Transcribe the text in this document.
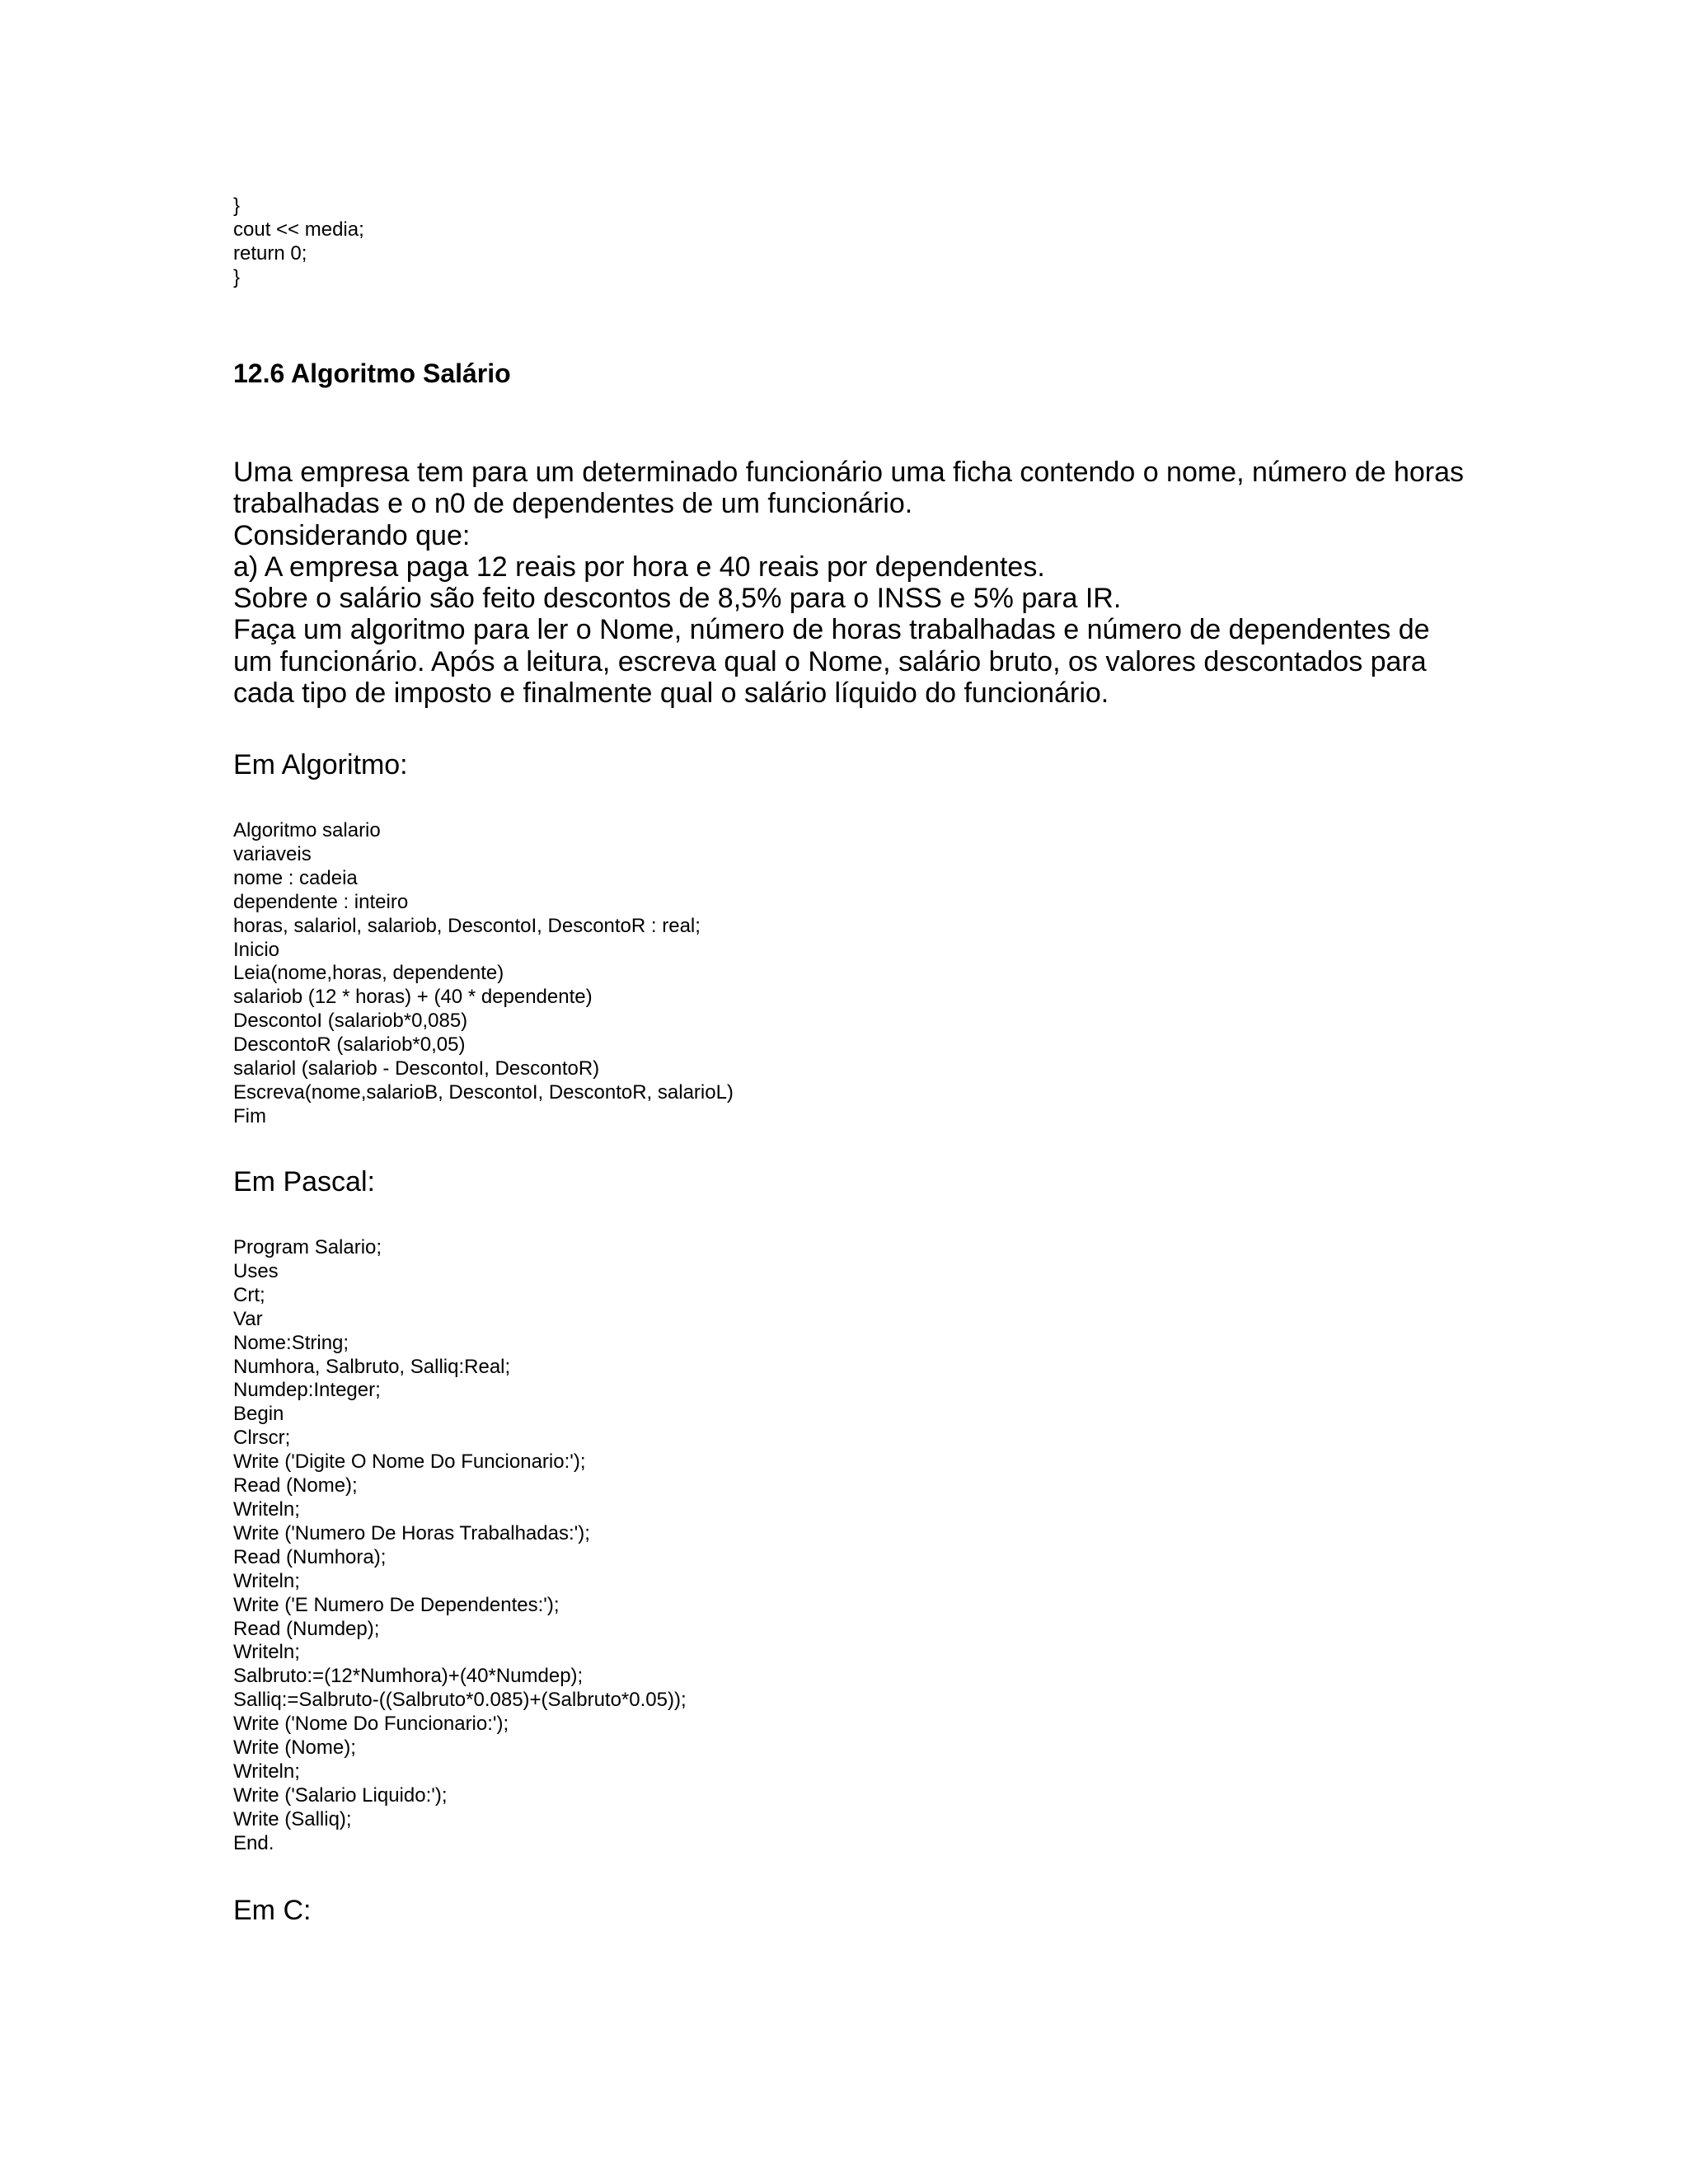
}
cout << media;
return 0;
}
12.6 Algoritmo Salário
Uma empresa tem para um determinado funcionário uma ficha contendo o nome, número de horas
trabalhadas e o n0 de dependentes de um funcionário.
Considerando que:
a) A empresa paga 12 reais por hora e 40 reais por dependentes.
Sobre o salário são feito descontos de 8,5% para o INSS e 5% para IR.
Faça um algoritmo para ler o Nome, número de horas trabalhadas e número de dependentes de
um funcionário. Após a leitura, escreva qual o Nome, salário bruto, os valores descontados para
cada tipo de imposto e finalmente qual o salário líquido do funcionário.
Em Algoritmo:
Algoritmo salario
variaveis
nome : cadeia
dependente : inteiro
horas, salariol, salariob, DescontoI, DescontoR : real;
Inicio
Leia(nome,horas, dependente)
salariob (12 * horas) + (40 * dependente)
DescontoI (salariob*0,085)
DescontoR (salariob*0,05)
salariol (salariob - DescontoI, DescontoR)
Escreva(nome,salarioB, DescontoI, DescontoR, salarioL)
Fim
Em Pascal:
Program Salario;
Uses
Crt;
Var
Nome:String;
Numhora, Salbruto, Salliq:Real;
Numdep:Integer;
Begin
Clrscr;
Write ('Digite O Nome Do Funcionario:');
Read (Nome);
Writeln;
Write ('Numero De Horas Trabalhadas:');
Read (Numhora);
Writeln;
Write ('E Numero De Dependentes:');
Read (Numdep);
Writeln;
Salbruto:=(12*Numhora)+(40*Numdep);
Salliq:=Salbruto-((Salbruto*0.085)+(Salbruto*0.05));
Write ('Nome Do Funcionario:');
Write (Nome);
Writeln;
Write ('Salario Liquido:');
Write (Salliq);
End.
Em C:
